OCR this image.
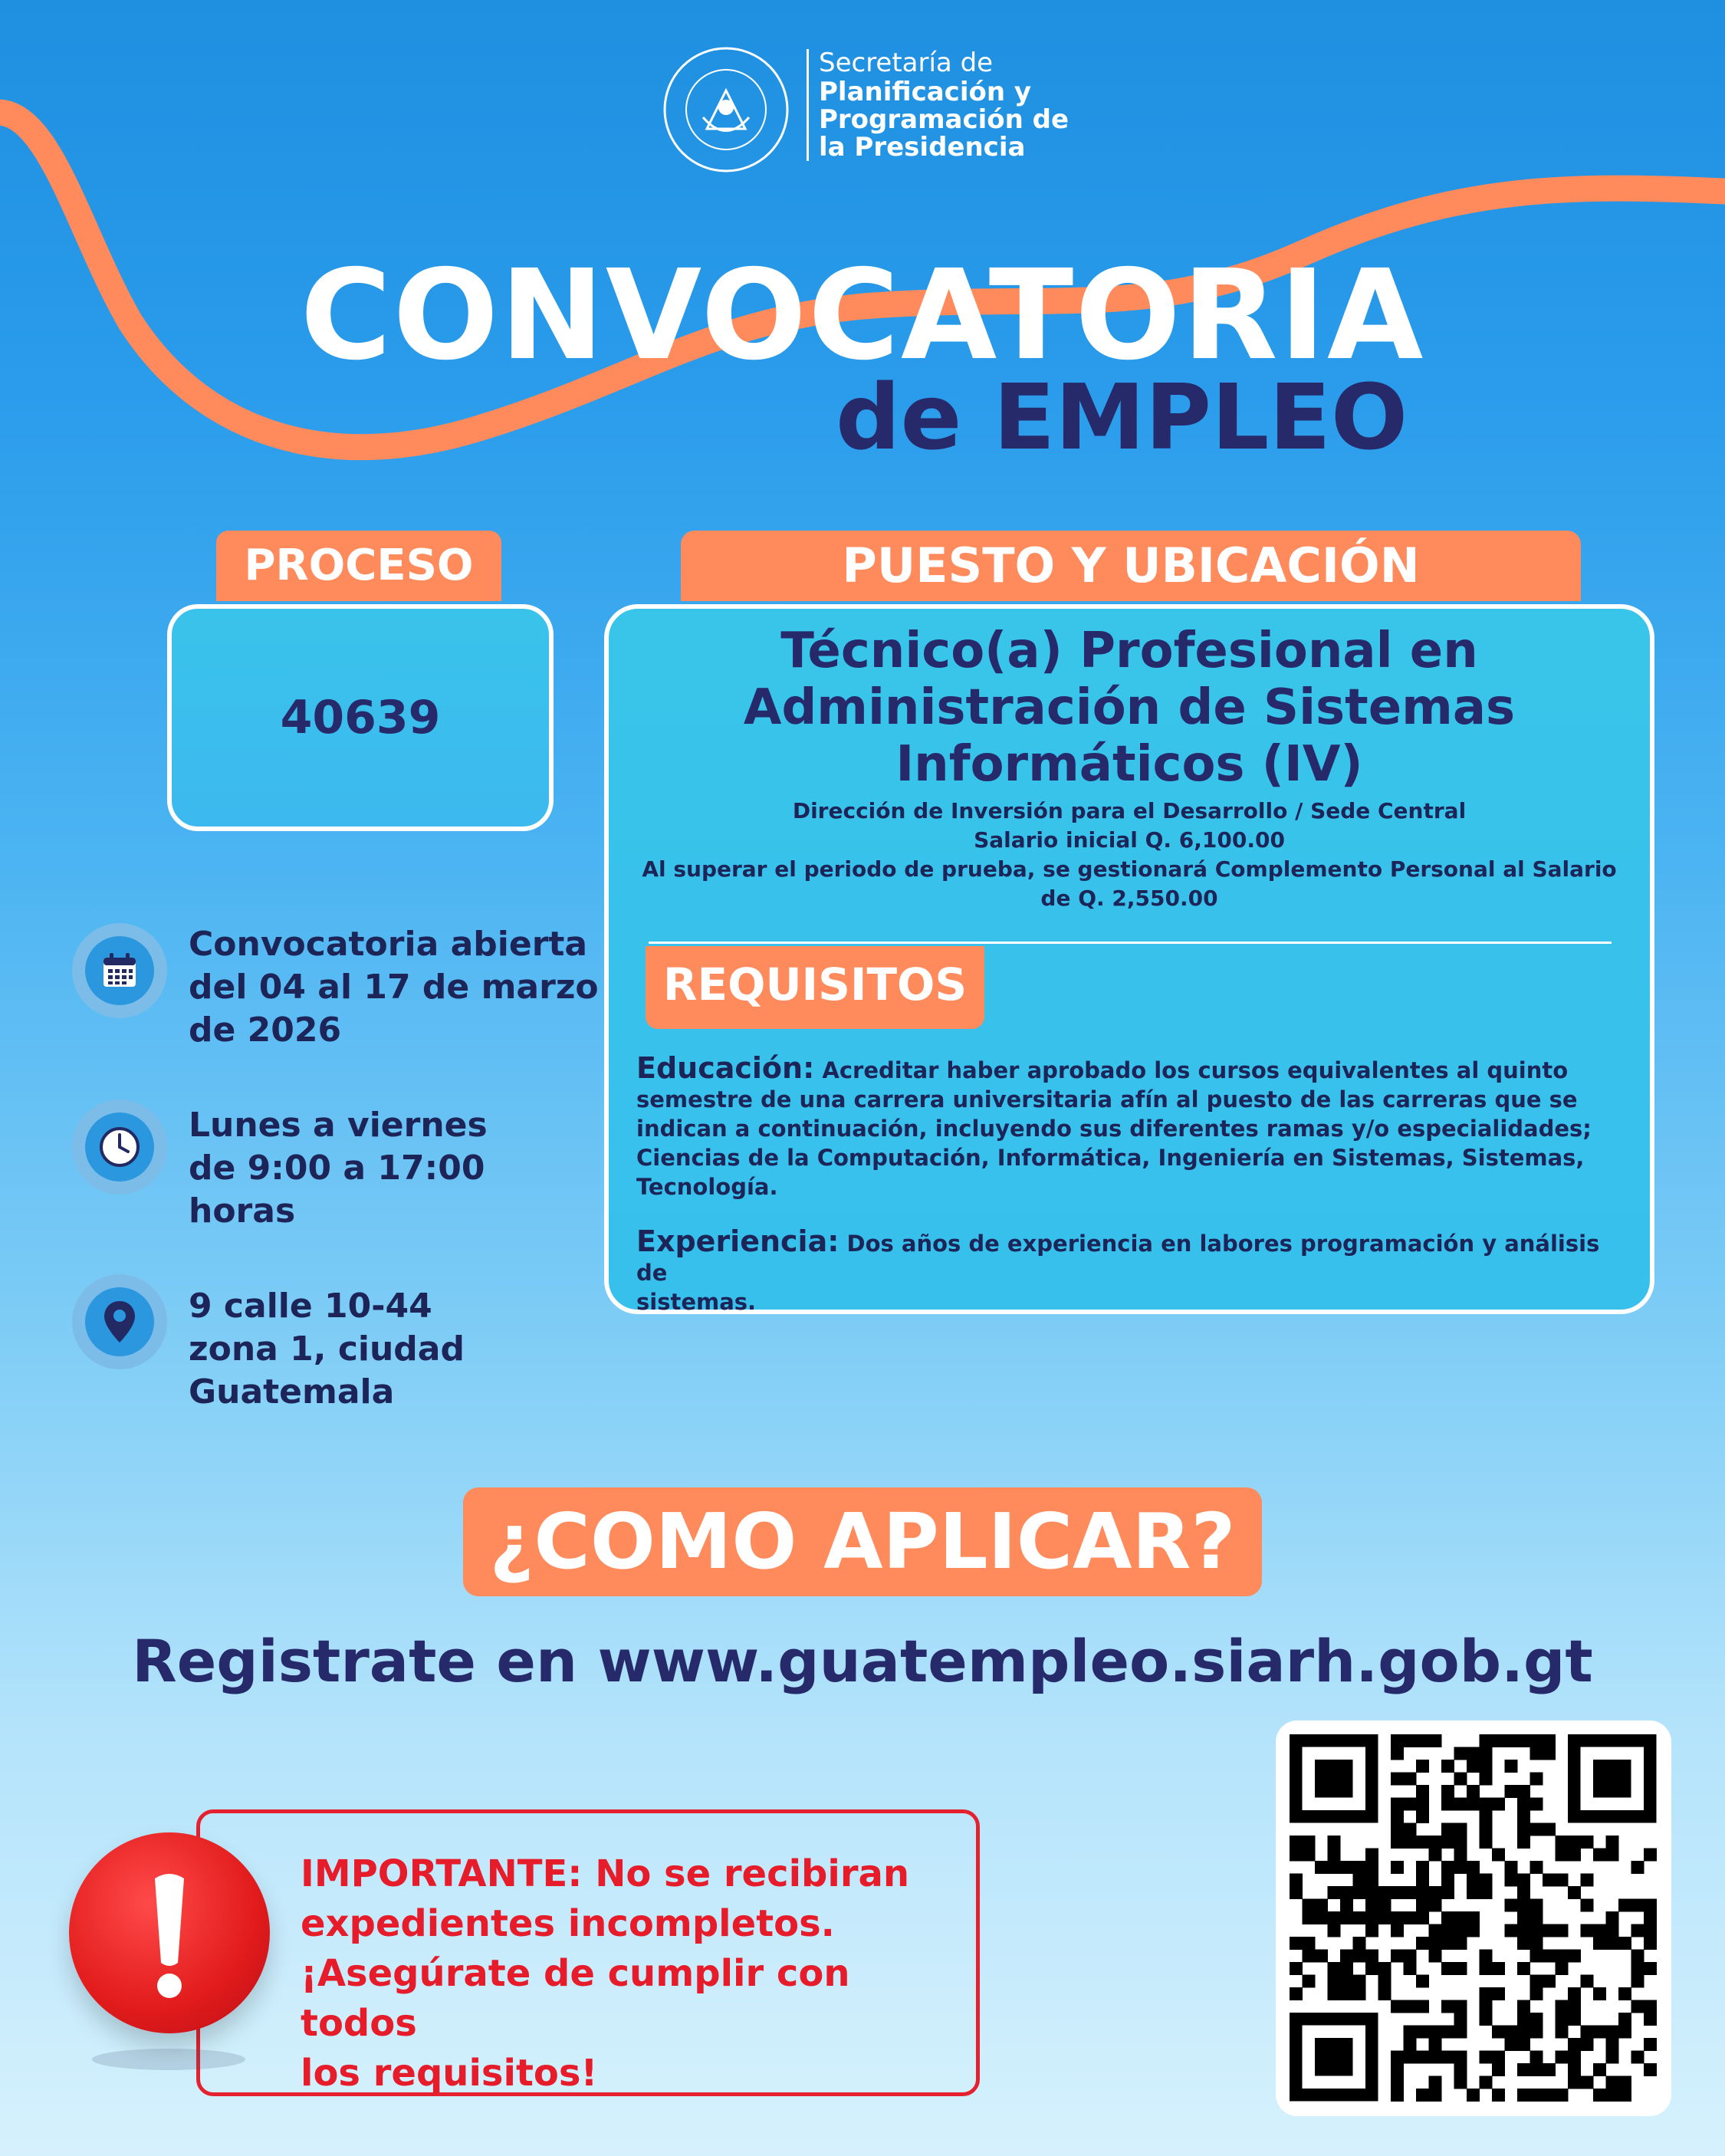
Secretaría de
Planificación y
Programación de
la Presidencia
CONVOCATORIA
de EMPLEO
PROCESO
40639
PUESTO Y UBICACIÓN
Técnico(a) Profesional en
Administración de Sistemas
Informáticos (IV)
Dirección de Inversión para el Desarrollo / Sede Central
Salario inicial Q. 6,100.00
Al superar el periodo de prueba, se gestionará Complemento Personal al Salario
de Q. 2,550.00
REQUISITOS
Educación: Acreditar haber aprobado los cursos equivalentes al quinto
semestre de una carrera universitaria afín al puesto de las carreras que se
indican a continuación, incluyendo sus diferentes ramas y/o especialidades;
Ciencias de la Computación, Informática, Ingeniería en Sistemas, Sistemas,
Tecnología.
Experiencia: Dos años de experiencia en labores programación y análisis de
sistemas.
Convocatoria abierta
del 04 al 17 de marzo
de 2026
Lunes a viernes
de 9:00 a 17:00
horas
9 calle 10-44
zona 1, ciudad
Guatemala
¿COMO APLICAR?
Registrate en www.guatempleo.siarh.gob.gt
IMPORTANTE: No se recibiran
expedientes incompletos.
¡Asegúrate de cumplir con todos
los requisitos!
